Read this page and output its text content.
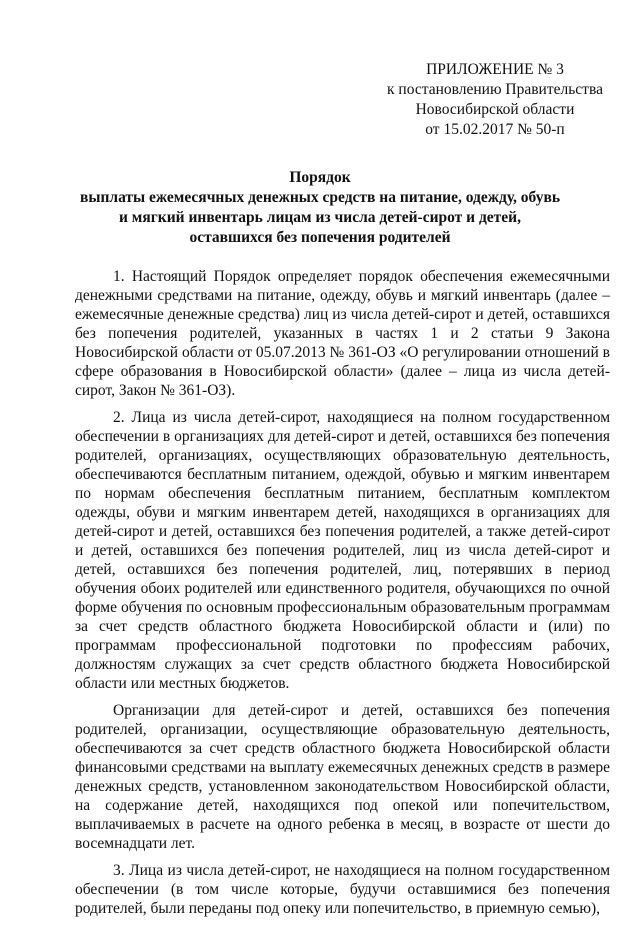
ПРИЛОЖЕНИЕ № 3
к постановлению Правительства
Новосибирской области
от 15.02.2017 № 50-п
Порядок
выплаты ежемесячных денежных средств на питание, одежду, обувь
и мягкий инвентарь лицам из числа детей-сирот и детей,
оставшихся без попечения родителей

1. Настоящий Порядок определяет порядок обеспечения ежемесячными денежными средствами на питание, одежду, обувь и мягкий инвентарь (далее – ежемесячные денежные средства) лиц из числа детей-сирот и детей, оставшихся без попечения родителей, указанных в частях 1 и 2 статьи 9 Закона Новосибирской области от 05.07.2013 № 361-ОЗ «О регулировании отношений в сфере образования в Новосибирской области» (далее – лица из числа детей-сирот, Закон № 361-ОЗ).

2. Лица из числа детей-сирот, находящиеся на полном государственном обеспечении в организациях для детей-сирот и детей, оставшихся без попечения родителей, организациях, осуществляющих образовательную деятельность, обеспечиваются бесплатным питанием, одеждой, обувью и мягким инвентарем по нормам обеспечения бесплатным питанием, бесплатным комплектом одежды, обуви и мягким инвентарем детей, находящихся в организациях для детей-сирот и детей, оставшихся без попечения родителей, а также детей-сирот и детей, оставшихся без попечения родителей, лиц из числа детей-сирот и детей, оставшихся без попечения родителей, лиц, потерявших в период обучения обоих родителей или единственного родителя, обучающихся по очной форме обучения по основным профессиональным образовательным программам за счет средств областного бюджета Новосибирской области и (или) по программам профессиональной подготовки по профессиям рабочих, должностям служащих за счет средств областного бюджета Новосибирской области или местных бюджетов.

Организации для детей-сирот и детей, оставшихся без попечения родителей, организации, осуществляющие образовательную деятельность, обеспечиваются за счет средств областного бюджета Новосибирской области финансовыми средствами на выплату ежемесячных денежных средств в размере денежных средств, установленном законодательством Новосибирской области, на содержание детей, находящихся под опекой или попечительством, выплачиваемых в расчете на одного ребенка в месяц, в возрасте от шести до восемнадцати лет.

3. Лица из числа детей-сирот, не находящиеся на полном государственном обеспечении (в том числе которые, будучи оставшимися без попечения родителей, были переданы под опеку или попечительство, в приемную семью),
